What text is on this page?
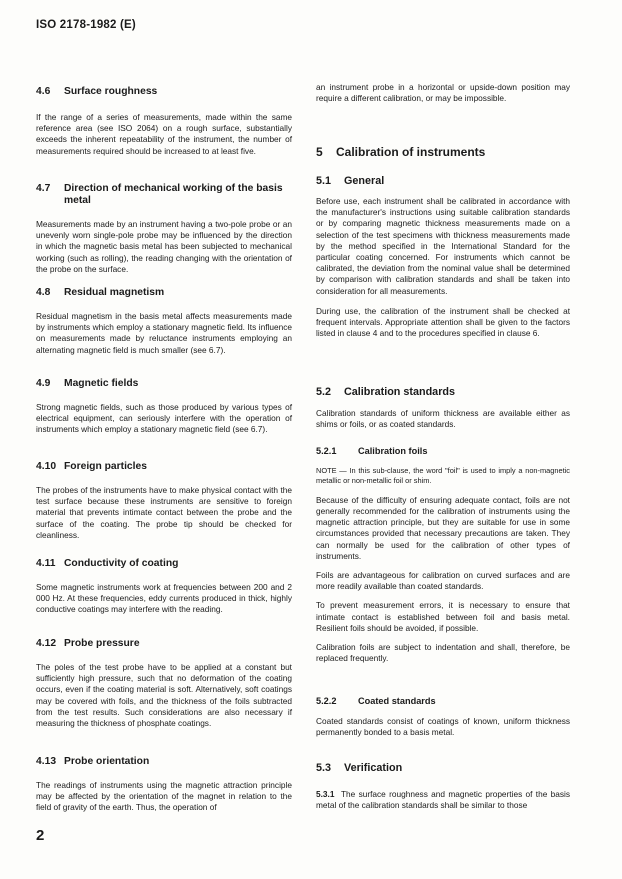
ISO 2178-1982 (E)
4.6 Surface roughness

If the range of a series of measurements, made within the same reference area (see ISO 2064) on a rough surface, substantially exceeds the inherent repeatability of the instrument, the number of measurements required should be increased to at least five.

4.7	Direction of mechanical working of the basis metal

Measurements made by an instrument having a two-pole probe or an unevenly worn single-pole probe may be influenced by the direction in which the magnetic basis metal has been subjected to mechanical working (such as rolling), the reading changing with the orientation of the probe on the surface.

4.8 Residual magnetism

Residual magnetism in the basis metal affects measurements made by instruments which employ a stationary magnetic field. Its influence on measurements made by reluctance instruments employing an alternating magnetic field is much smaller (see 6.7).

4.9 Magnetic fields

Strong magnetic fields, such as those produced by various types of electrical equipment, can seriously interfere with the operation of instruments which employ a stationary magnetic field (see 6.7).

4.10 Foreign particles

The probes of the instruments have to make physical contact with the test surface because these instruments are sensitive to foreign material that prevents intimate contact between the probe and the surface of the coating. The probe tip should be checked for cleanliness.

4.11 Conductivity of coating

Some magnetic instruments work at frequencies between 200 and 2 000 Hz. At these frequencies, eddy currents produced in thick, highly conductive coatings may interfere with the reading.

4.12 Probe pressure

The poles of the test probe have to be applied at a constant but sufficiently high pressure, such that no deformation of the coating occurs, even if the coating material is soft. Alternatively, soft coatings may be covered with foils, and the thickness of the foils subtracted from the test results. Such considerations are also necessary if measuring the thickness of phosphate coatings.

4.13 Probe orientation

The readings of instruments using the magnetic attraction principle may be affected by the orientation of the magnet in relation to the field of gravity of the earth. Thus, the operation of

an instrument probe in a horizontal or upside-down position may require a different calibration, or may be impossible.

5 Calibration of instruments
5.1 General

Before use, each instrument shall be calibrated in accordance with the manufacturer's instructions using suitable calibration standards or by comparing magnetic thickness measurements made on a selection of the test specimens with thickness measurements made by the method specified in the International Standard for the particular coating concerned. For instruments which cannot be calibrated, the deviation from the nominal value shall be determined by comparison with calibration standards and shall be taken into consideration for all measurements.

During use, the calibration of the instrument shall be checked at frequent intervals. Appropriate attention shall be given to the factors listed in clause 4 and to the procedures specified in clause 6.

5.2 Calibration standards

Calibration standards of uniform thickness are available either as shims or foils, or as coated standards.

5.2.1 Calibration foils

NOTE — In this sub-clause, the word "foil" is used to imply a non-magnetic metallic or non-metallic foil or shim.

Because of the difficulty of ensuring adequate contact, foils are not generally recommended for the calibration of instruments using the magnetic attraction principle, but they are suitable for use in some circumstances provided that necessary precautions are taken. They can normally be used for the calibration of other types of instruments.

Foils are advantageous for calibration on curved surfaces and are more readily available than coated standards.

To prevent measurement errors, it is necessary to ensure that intimate contact is established between foil and basis metal. Resilient foils should be avoided, if possible.

Calibration foils are subject to indentation and shall, therefore, be replaced frequently.

5.2.2 Coated standards

Coated standards consist of coatings of known, uniform thickness permanently bonded to a basis metal.

5.3 Verification

5.3.1 The surface roughness and magnetic properties of the basis metal of the calibration standards shall be similar to those

2
